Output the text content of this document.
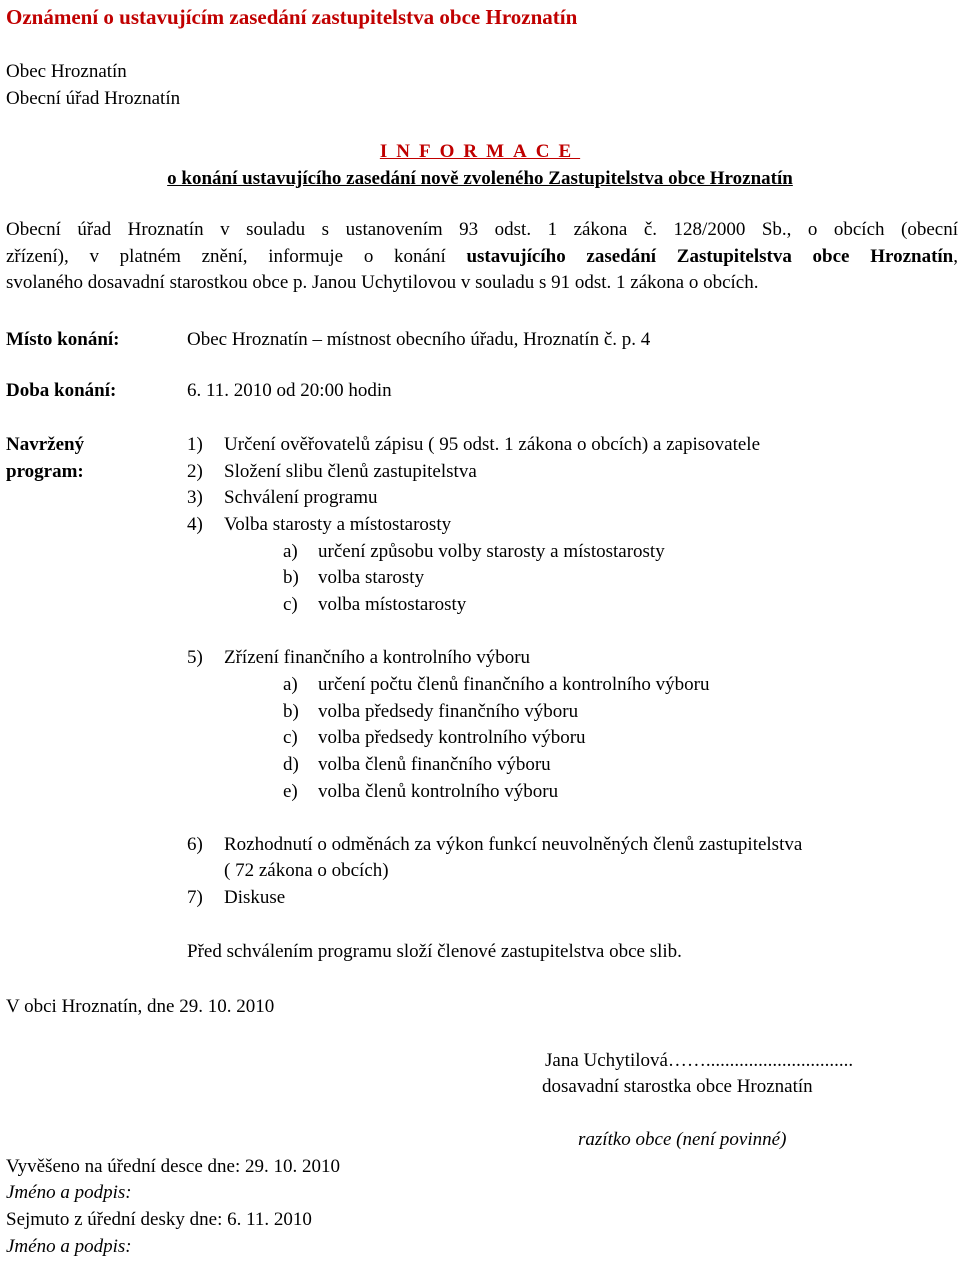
Oznámení o ustavujícím zasedání zastupitelstva obce Hroznatín
Obec Hroznatín
Obecní úřad Hroznatín
INFORMACE
o konání ustavujícího zasedání nově zvoleného Zastupitelstva obce Hroznatín

Obecní úřad Hroznatín v souladu s ustanovením 93 odst. 1 zákona č. 128/2000 Sb., o obcích (obecní

zřízení), v platném znění, informuje o konání ustavujícího zasedání Zastupitelstva obce Hroznatín,

svolaného dosavadní starostkou obce p. Janou Uchytilovou v souladu s 91 odst. 1 zákona o obcích.

Místo konání:	Obec Hroznatín – místnost obecního úřadu, Hroznatín č. p. 4
Doba konání:	6. 11. 2010 od 20:00 hodin
Navržený
program:
1) Určení ověřovatelů zápisu ( 95 odst. 1 zákona o obcích) a zapisovatele
2) Složení slibu členů zastupitelstva
3) Schválení programu
4) Volba starosty a místostarosty
a) určení způsobu volby starosty a místostarosty
b) volba starosty
c) volba místostarosty
5) Zřízení finančního a kontrolního výboru
a) určení počtu členů finančního a kontrolního výboru
b) volba předsedy finančního výboru
c) volba předsedy kontrolního výboru
d) volba členů finančního výboru
e) volba členů kontrolního výboru
6) Rozhodnutí o odměnách za výkon funkcí neuvolněných členů zastupitelstva
( 72 zákona o obcích)
7) Diskuse
Před schválením programu složí členové zastupitelstva obce slib.
V obci Hroznatín, dne 29. 10. 2010
Jana Uchytilová……...............................
dosavadní starostka obce Hroznatín
razítko obce (není povinné)
Vyvěšeno na úřední desce dne: 29. 10. 2010
Jméno a podpis:
Sejmuto z úřední desky dne: 6. 11. 2010
Jméno a podpis:
